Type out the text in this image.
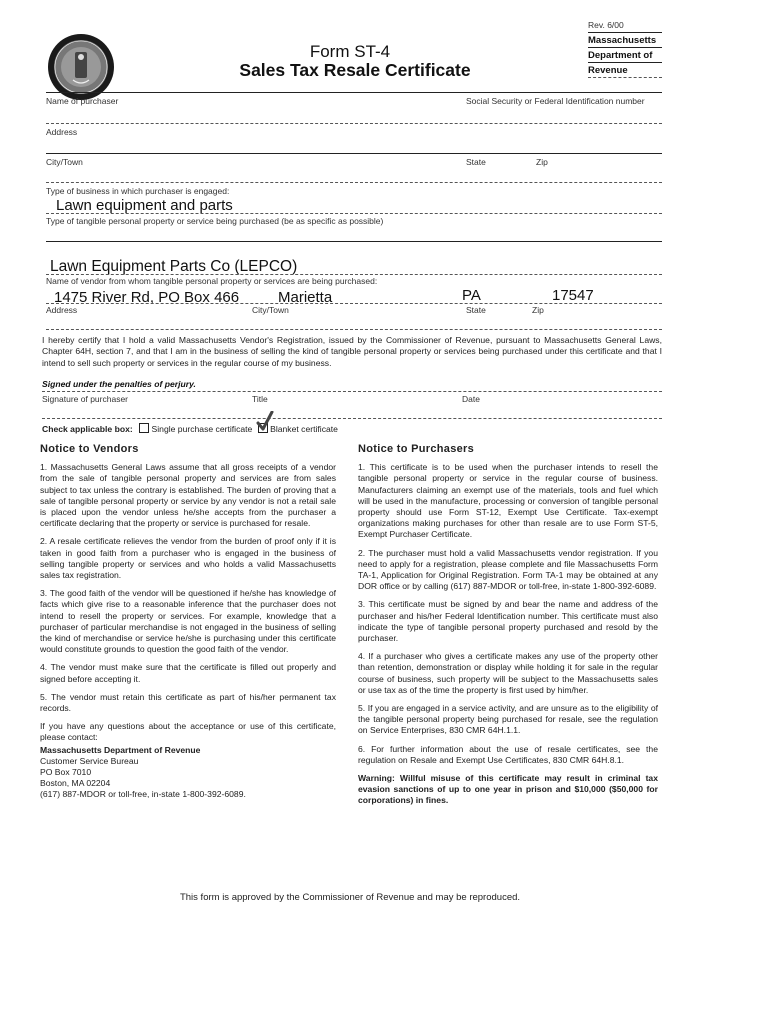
Form ST-4
Sales Tax Resale Certificate
Rev. 6/00
Massachusetts
Department of
Revenue
Name of purchaser	Social Security or Federal Identification number
Address
City/Town	State	Zip
Type of business in which purchaser is engaged:
Lawn equipment and parts
Type of tangible personal property or service being purchased (be as specific as possible)
Lawn Equipment Parts Co (LEPCO)
Name of vendor from whom tangible personal property or services are being purchased:
1475 River Rd, PO Box 466	Marietta	PA	17547
Address	City/Town	State	Zip
I hereby certify that I hold a valid Massachusetts Vendor's Registration, issued by the Commissioner of Revenue, pursuant to Massachusetts General Laws, Chapter 64H, section 7, and that I am in the business of selling the kind of tangible personal property or services being purchased under this certificate and that I intend to sell such property or services in the regular course of my business.
Signed under the penalties of perjury.
Signature of purchaser	Title	Date
Check applicable box: Single purchase certificate Blanket certificate
Notice to Vendors

1. Massachusetts General Laws assume that all gross receipts of a vendor from the sale of tangible personal property and services are from sales subject to tax unless the contrary is established. The burden of proving that a sale of tangible personal property or service by any vendor is not a retail sale is placed upon the vendor unless he/she accepts from the purchaser a certificate declaring that the property or service is purchased for resale.

2. A resale certificate relieves the vendor from the burden of proof only if it is taken in good faith from a purchaser who is engaged in the business of selling tangible property or services and who holds a valid Massachusetts sales tax registration.

3. The good faith of the vendor will be questioned if he/she has knowledge of facts which give rise to a reasonable inference that the purchaser does not intend to resell the property or services. For example, knowledge that a purchaser of particular merchandise is not engaged in the business of selling the kind of merchandise or service he/she is purchasing under this certificate would constitute grounds to question the good faith of the vendor.

4. The vendor must make sure that the certificate is filled out properly and signed before accepting it.

5. The vendor must retain this certificate as part of his/her permanent tax records.

If you have any questions about the acceptance or use of this certificate, please contact:

Massachusetts Department of Revenue
Customer Service Bureau
PO Box 7010
Boston, MA 02204
(617) 887-MDOR or toll-free, in-state 1-800-392-6089.
Notice to Purchasers

1. This certificate is to be used when the purchaser intends to resell the tangible personal property or service in the regular course of business. Manufacturers claiming an exempt use of the materials, tools and fuel which will be used in the manufacture, processing or conversion of tangible personal property should use Form ST-12, Exempt Use Certificate. Tax-exempt organizations making purchases for other than resale are to use Form ST-5, Exempt Purchaser Certificate.

2. The purchaser must hold a valid Massachusetts vendor registration. If you need to apply for a registration, please complete and file Massachusetts Form TA-1, Application for Original Registration. Form TA-1 may be obtained at any DOR office or by calling (617) 887-MDOR or toll-free, in-state 1-800-392-6089.

3. This certificate must be signed by and bear the name and address of the purchaser and his/her Federal Identification number. This certificate must also indicate the type of tangible personal property purchased and resold by the purchaser.

4. If a purchaser who gives a certificate makes any use of the property other than retention, demonstration or display while holding it for sale in the regular course of business, such property will be subject to the Massachusetts sales or use tax as of the time the property is first used by him/her.

5. If you are engaged in a service activity, and are unsure as to the eligibility of the tangible personal property being purchased for resale, see the regulation on Service Enterprises, 830 CMR 64H.1.1.

6. For further information about the use of resale certificates, see the regulation on Resale and Exempt Use Certificates, 830 CMR 64H.8.1.

Warning: Willful misuse of this certificate may result in criminal tax evasion sanctions of up to one year in prison and $10,000 ($50,000 for corporations) in fines.

This form is approved by the Commissioner of Revenue and may be reproduced.
